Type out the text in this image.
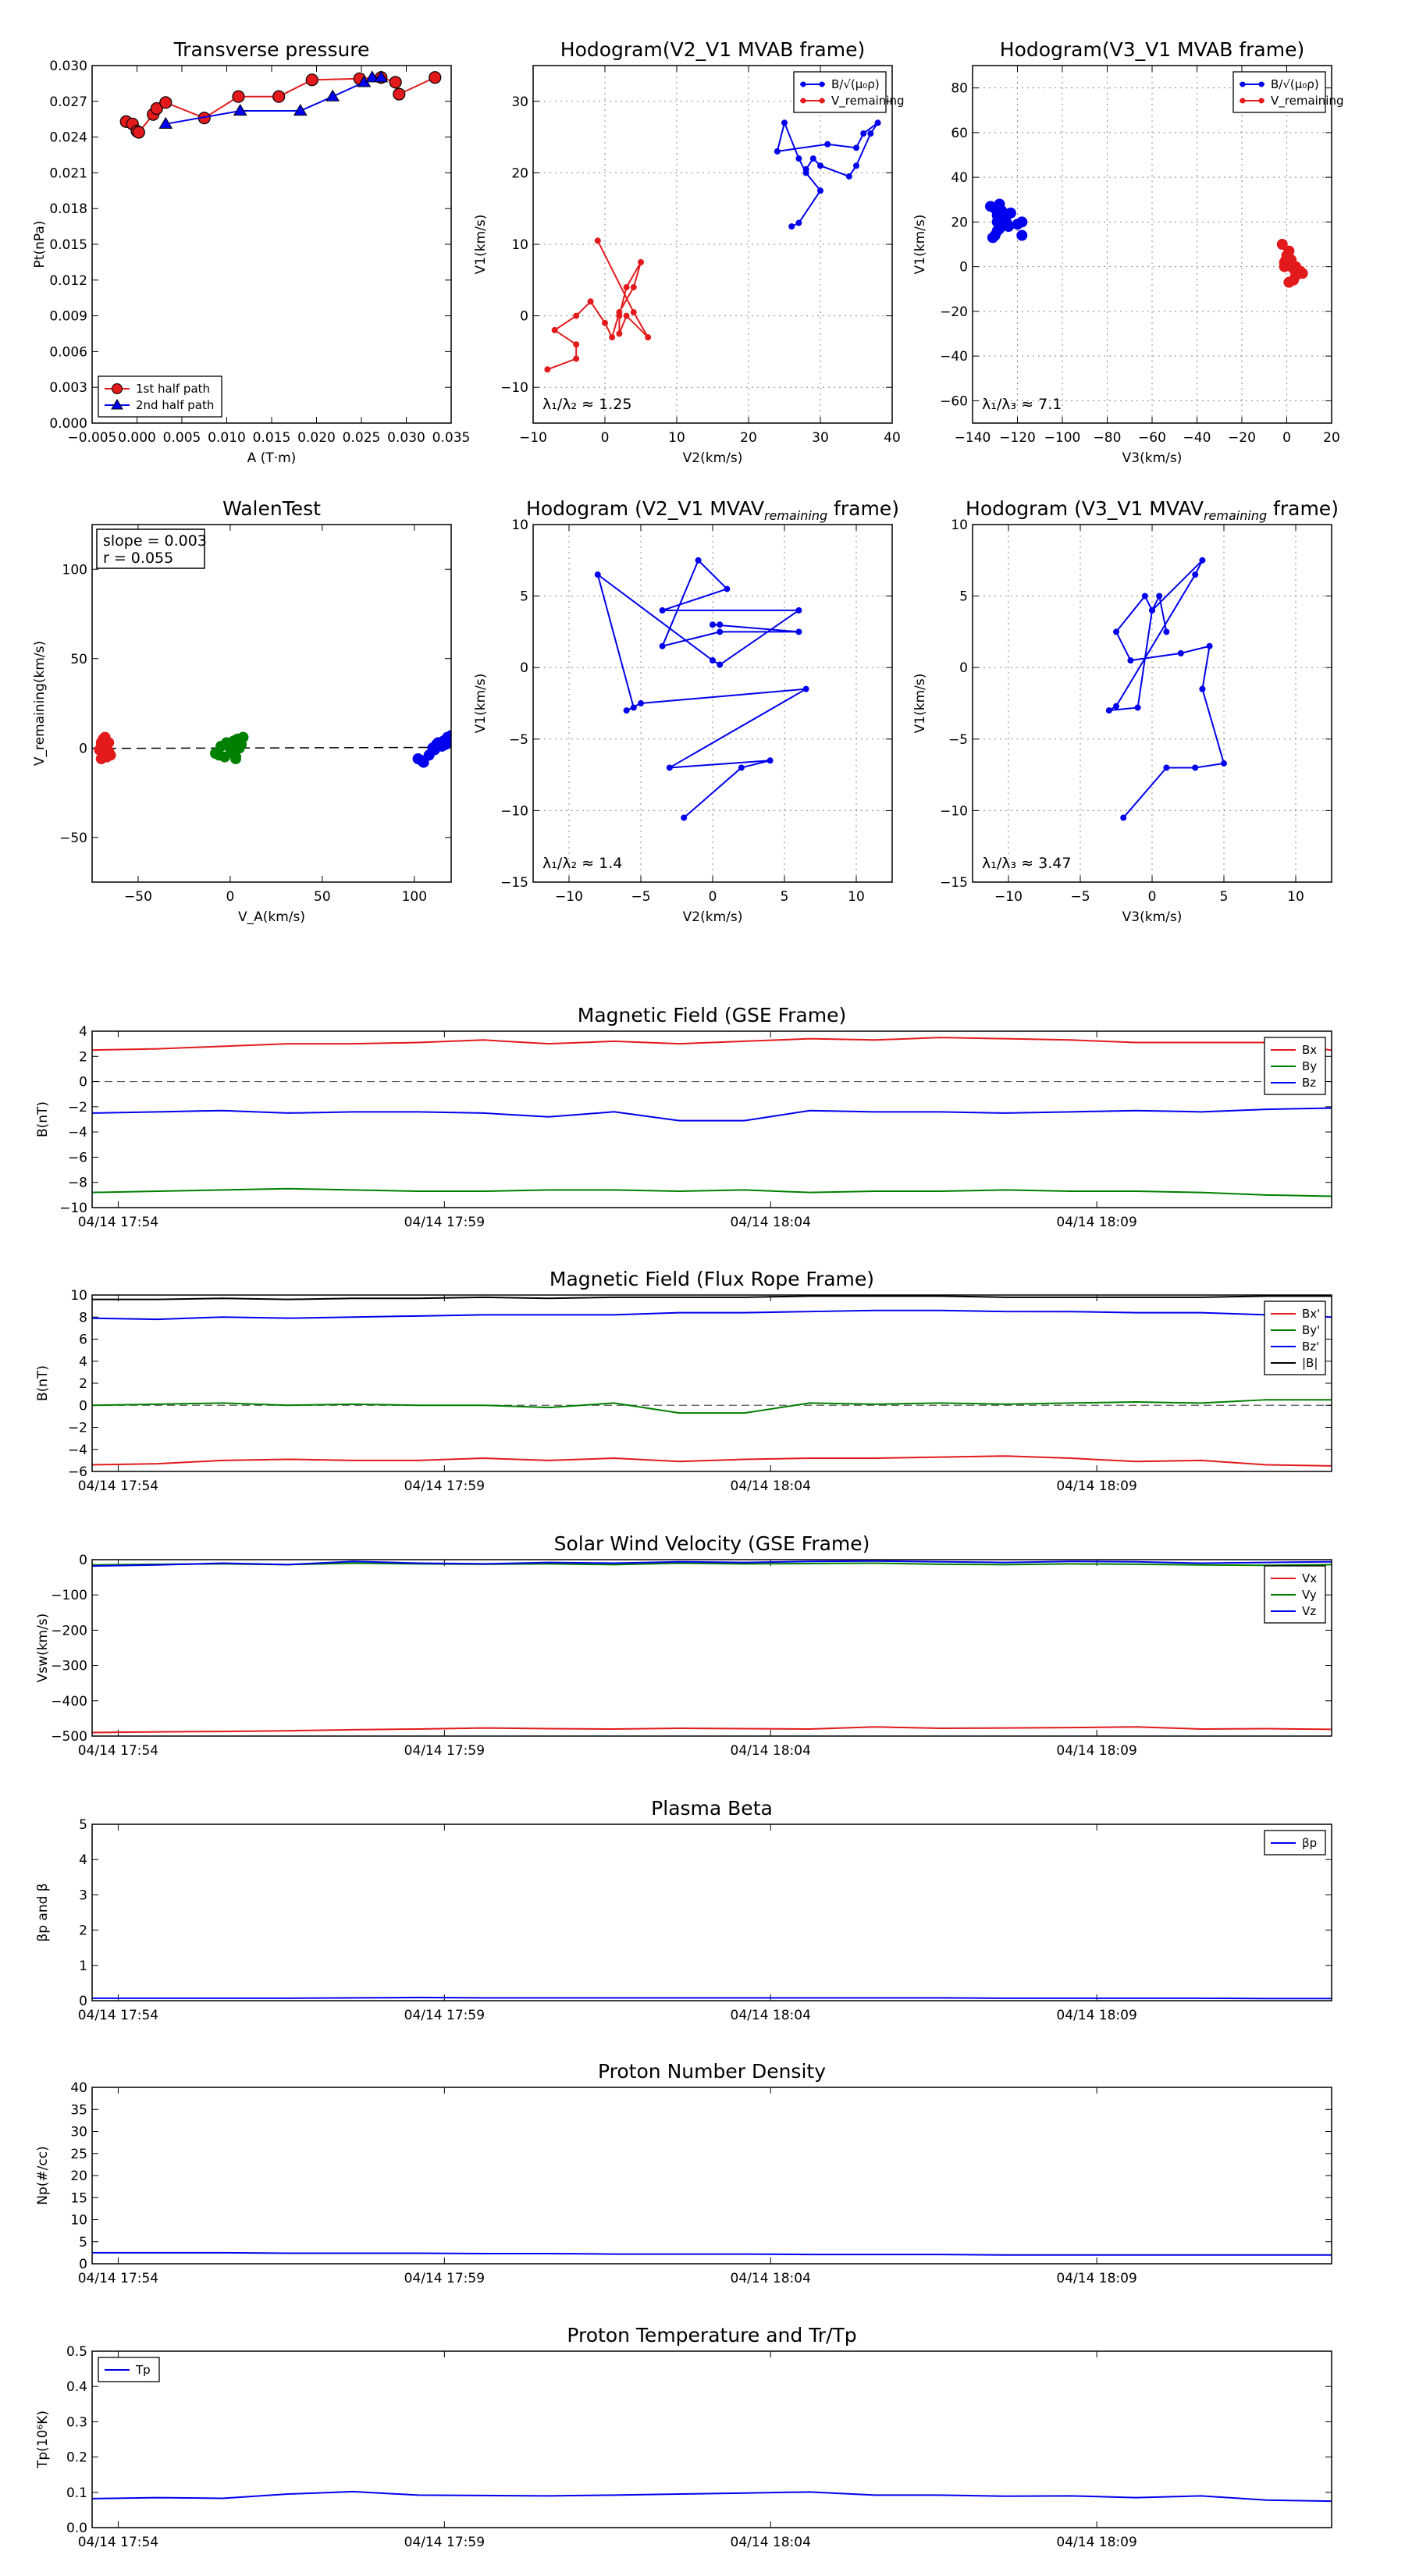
Transverse pressure
A (T·m)
Pt(nPa)
0.000
0.003
0.006
0.009
0.012
0.015
0.018
0.021
0.024
0.027
0.030
−0.005 0.000 0.005 0.010 0.015 0.020 0.025 0.030 0.035
1st half path
2nd half path
Hodogram(V2_V1 MVAB frame)
V2(km/s)
V1(km/s)
−10
0
10
20
30
−10	0	10	20	30	40
λ₁/λ₂ ≈ 1.25
B/√(μ₀ρ)
V_remaining
Hodogram(V3_V1 MVAB frame)
V3(km/s)
V1(km/s)
−60
−40
−20
0
20
40
60
80
−140 −120 −100 −80 −60 −40 −20 0 20
λ₁/λ₃ ≈ 7.1
B/√(μ₀ρ)
V_remaining
WalenTest
V_A(km/s)
V_remaining(km/s)
−50
0
50
100
−50	0	50	100
slope = 0.003
r = 0.055
Hodogram (V2_V1 $MVAV_{remaining}$ frame)
V2(km/s)
V1(km/s)
−15
−10
−5
0
5
10
−10	−5	0	5	10
λ₁/λ₂ ≈ 1.4
Hodogram (V3_V1 $MVAV_{remaining}$ frame)
V3(km/s)
V1(km/s)
−15
−10
−5
0
5
10
−10	−5	0	5	10
λ₁/λ₃ ≈ 3.47
Magnetic Field (GSE Frame)
B(nT)
−10
−8
−6
−4
−2
0
2
4
04/14 17:54	04/14 17:59	04/14 18:04	04/14 18:09
Bx
By
Bz
Magnetic Field (Flux Rope Frame)
B(nT)
−6
−4
−2
0
2
4
6
8
10
04/14 17:54	04/14 17:59	04/14 18:04	04/14 18:09
Bx'
By'
Bz'
|B|
Solar Wind Velocity (GSE Frame)
Vsw(km/s)
−500
−400
−300
−200
−100
0
04/14 17:54	04/14 17:59	04/14 18:04	04/14 18:09
Vx
Vy
Vz
Plasma Beta
βp and β
0
1
2
3
4
5
04/14 17:54	04/14 17:59	04/14 18:04	04/14 18:09
βp
Proton Number Density
Np(#/cc)
0
5
10
15
20
25
30
35
40
04/14 17:54	04/14 17:59	04/14 18:04	04/14 18:09
Proton Temperature and Tr/Tp
Tp(10⁶K)
0.0
0.1
0.2
0.3
0.4
0.5
04/14 17:54	04/14 17:59	04/14 18:04	04/14 18:09
Tp
